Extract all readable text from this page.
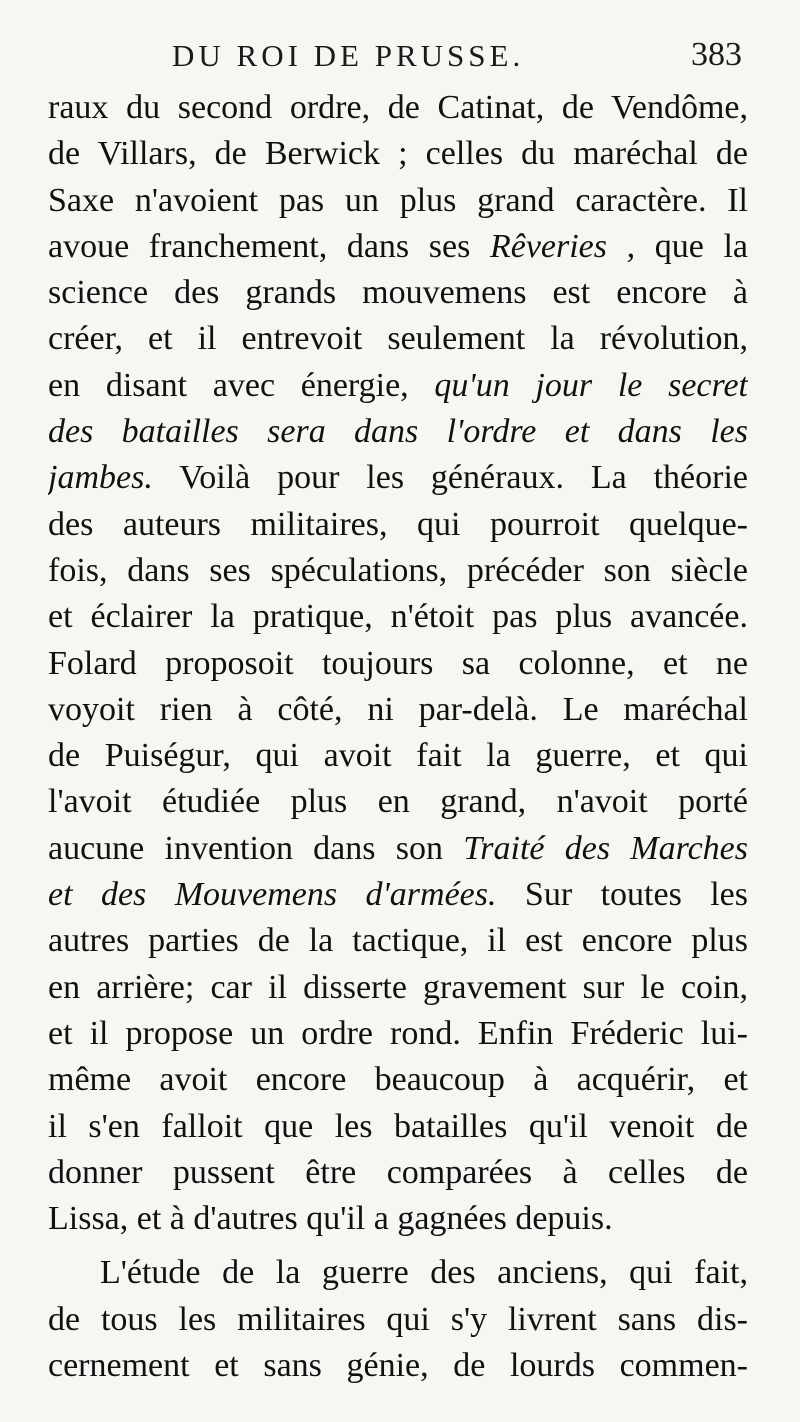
DU ROI DE PRUSSE.	383
raux du second ordre, de Catinat, de Vendôme,
de Villars, de Berwick ; celles du maréchal de
Saxe n'avoient pas un plus grand caractère. Il
avoue franchement, dans ses Rêveries , que la
science des grands mouvemens est encore à
créer, et il entrevoit seulement la révolution,
en disant avec énergie, qu'un jour le secret
des batailles sera dans l'ordre et dans les
jambes. Voilà pour les généraux. La théorie
des auteurs militaires, qui pourroit quelque-
fois, dans ses spéculations, précéder son siècle
et éclairer la pratique, n'étoit pas plus avancée.
Folard proposoit toujours sa colonne, et ne
voyoit rien à côté, ni par-delà. Le maréchal
de Puiségur, qui avoit fait la guerre, et qui
l'avoit étudiée plus en grand, n'avoit porté
aucune invention dans son Traité des Marches
et des Mouvemens d'armées. Sur toutes les
autres parties de la tactique, il est encore plus
en arrière; car il disserte gravement sur le coin,
et il propose un ordre rond. Enfin Fréderic lui-
même avoit encore beaucoup à acquérir, et
il s'en falloit que les batailles qu'il venoit de
donner pussent être comparées à celles de
Lissa, et à d'autres qu'il a gagnées depuis.
L'étude de la guerre des anciens, qui fait,
de tous les militaires qui s'y livrent sans dis-
cernement et sans génie, de lourds commen-
